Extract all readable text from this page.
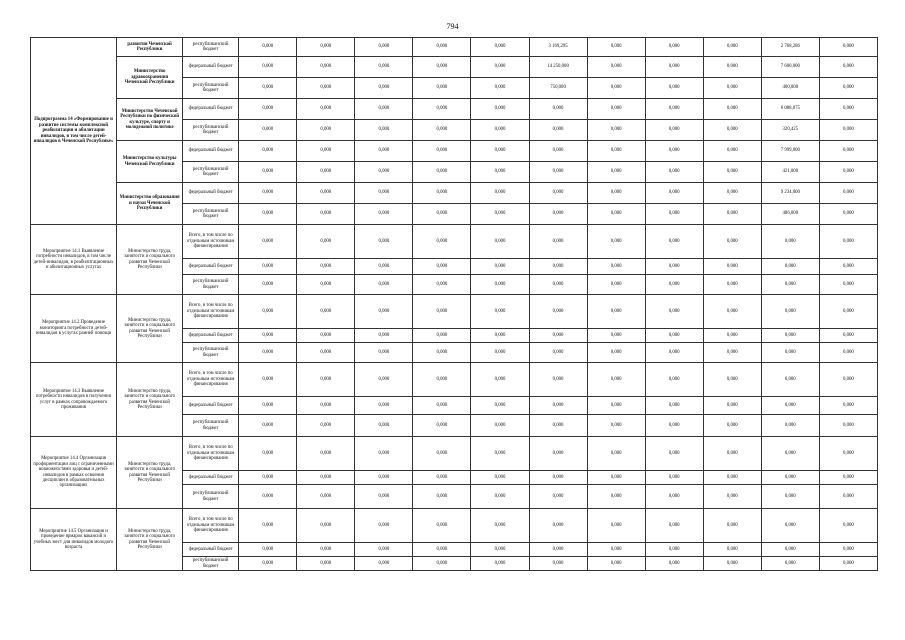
794
Подпрограмма 14 «Формирование и развитие системы комплексной реабилитации и абилитации инвалидов, в том числе детей-инвалидов в Чеченской Республике»	развития Чеченской Республики	республиканский бюджет	0,000	0,000	0,000	0,000	0,000	3 169,295	0,000	0,000	0,000	2 768,286	0,000
	Министерство здравоохранения Чеченской Республики	федеральный бюджет	0,000	0,000	0,000	0,000	0,000	14 250,000	0,000	0,000	0,000	7 600,000	0,000
		республиканский бюджет	0,000	0,000	0,000	0,000	0,000	750,000	0,000	0,000	0,000	400,000	0,000
	Министерство Чеченской Республики по физической культуре, спорту и молодежной политике	федеральный бюджет	0,000	0,000	0,000	0,000	0,000	0,000	0,000	0,000	0,000	6 088,075	0,000
		республиканский бюджет	0,000	0,000	0,000	0,000	0,000	0,000	0,000	0,000	0,000	320,425	0,000
	Министерство культуры Чеченской Республики	федеральный бюджет	0,000	0,000	0,000	0,000	0,000	0,000	0,000	0,000	0,000	7 999,000	0,000
		республиканский бюджет	0,000	0,000	0,000	0,000	0,000	0,000	0,000	0,000	0,000	421,000	0,000
	Министерство образования и науки Чеченской Республики	федеральный бюджет	0,000	0,000	0,000	0,000	0,000	0,000	0,000	0,000	0,000	9 234,000	0,000
		республиканский бюджет	0,000	0,000	0,000	0,000	0,000	0,000	0,000	0,000	0,000	486,000	0,000
Мероприятие 14.1 Выявление потребности инвалидов, в том числе детей-инвалидов, в реабилитационных и абилитационных услугах	Министерство труда, занятости и социального развития Чеченской Республики	Всего, в том числе по отдельным источникам финансирования	0,000	0,000	0,000	0,000	0,000	0,000	0,000	0,000	0,000	0,000	0,000
		федеральный бюджет	0,000	0,000	0,000	0,000	0,000	0,000	0,000	0,000	0,000	0,000	0,000
		республиканский бюджет	0,000	0,000	0,000	0,000	0,000	0,000	0,000	0,000	0,000	0,000	0,000
Мероприятие 14.2 Проведение мониторинга потребности детей-инвалидов в услугах ранней помощи	Министерство труда, занятости и социального развития Чеченской Республики	Всего, в том числе по отдельным источникам финансирования	0,000	0,000	0,000	0,000	0,000	0,000	0,000	0,000	0,000	0,000	0,000
		федеральный бюджет	0,000	0,000	0,000	0,000	0,000	0,000	0,000	0,000	0,000	0,000	0,000
		республиканский бюджет	0,000	0,000	0,000	0,000	0,000	0,000	0,000	0,000	0,000	0,000	0,000
Мероприятие 14.3 Выявление потребности инвалидов в получении услуг в рамках сопровождаемого проживания	Министерство труда, занятости и социального развития Чеченской Республики	Всего, в том числе по отдельным источникам финансирования	0,000	0,000	0,000	0,000	0,000	0,000	0,000	0,000	0,000	0,000	0,000
		федеральный бюджет	0,000	0,000	0,000	0,000	0,000	0,000	0,000	0,000	0,000	0,000	0,000
		республиканский бюджет	0,000	0,000	0,000	0,000	0,000	0,000	0,000	0,000	0,000	0,000	0,000
Мероприятие 14.4 Организация профориентации лиц с ограниченными возможностями здоровья и детей-инвалидов в рамках освоения дисциплин в образовательных организациях	Министерство труда, занятости и социального развития Чеченской Республики	Всего, в том числе по отдельным источникам финансирования	0,000	0,000	0,000	0,000	0,000	0,000	0,000	0,000	0,000	0,000	0,000
		федеральный бюджет	0,000	0,000	0,000	0,000	0,000	0,000	0,000	0,000	0,000	0,000	0,000
		республиканский бюджет	0,000	0,000	0,000	0,000	0,000	0,000	0,000	0,000	0,000	0,000	0,000
Мероприятие 14.5 Организация и проведение ярмарок вакансий и учебных мест для инвалидов молодого возраста	Министерство труда, занятости и социального развития Чеченской Республики	Всего, в том числе по отдельным источникам финансирования	0,000	0,000	0,000	0,000	0,000	0,000	0,000	0,000	0,000	0,000	0,000
		федеральный бюджет	0,000	0,000	0,000	0,000	0,000	0,000	0,000	0,000	0,000	0,000	0,000
		республиканский бюджет	0,000	0,000	0,000	0,000	0,000	0,000	0,000	0,000	0,000	0,000	0,000
